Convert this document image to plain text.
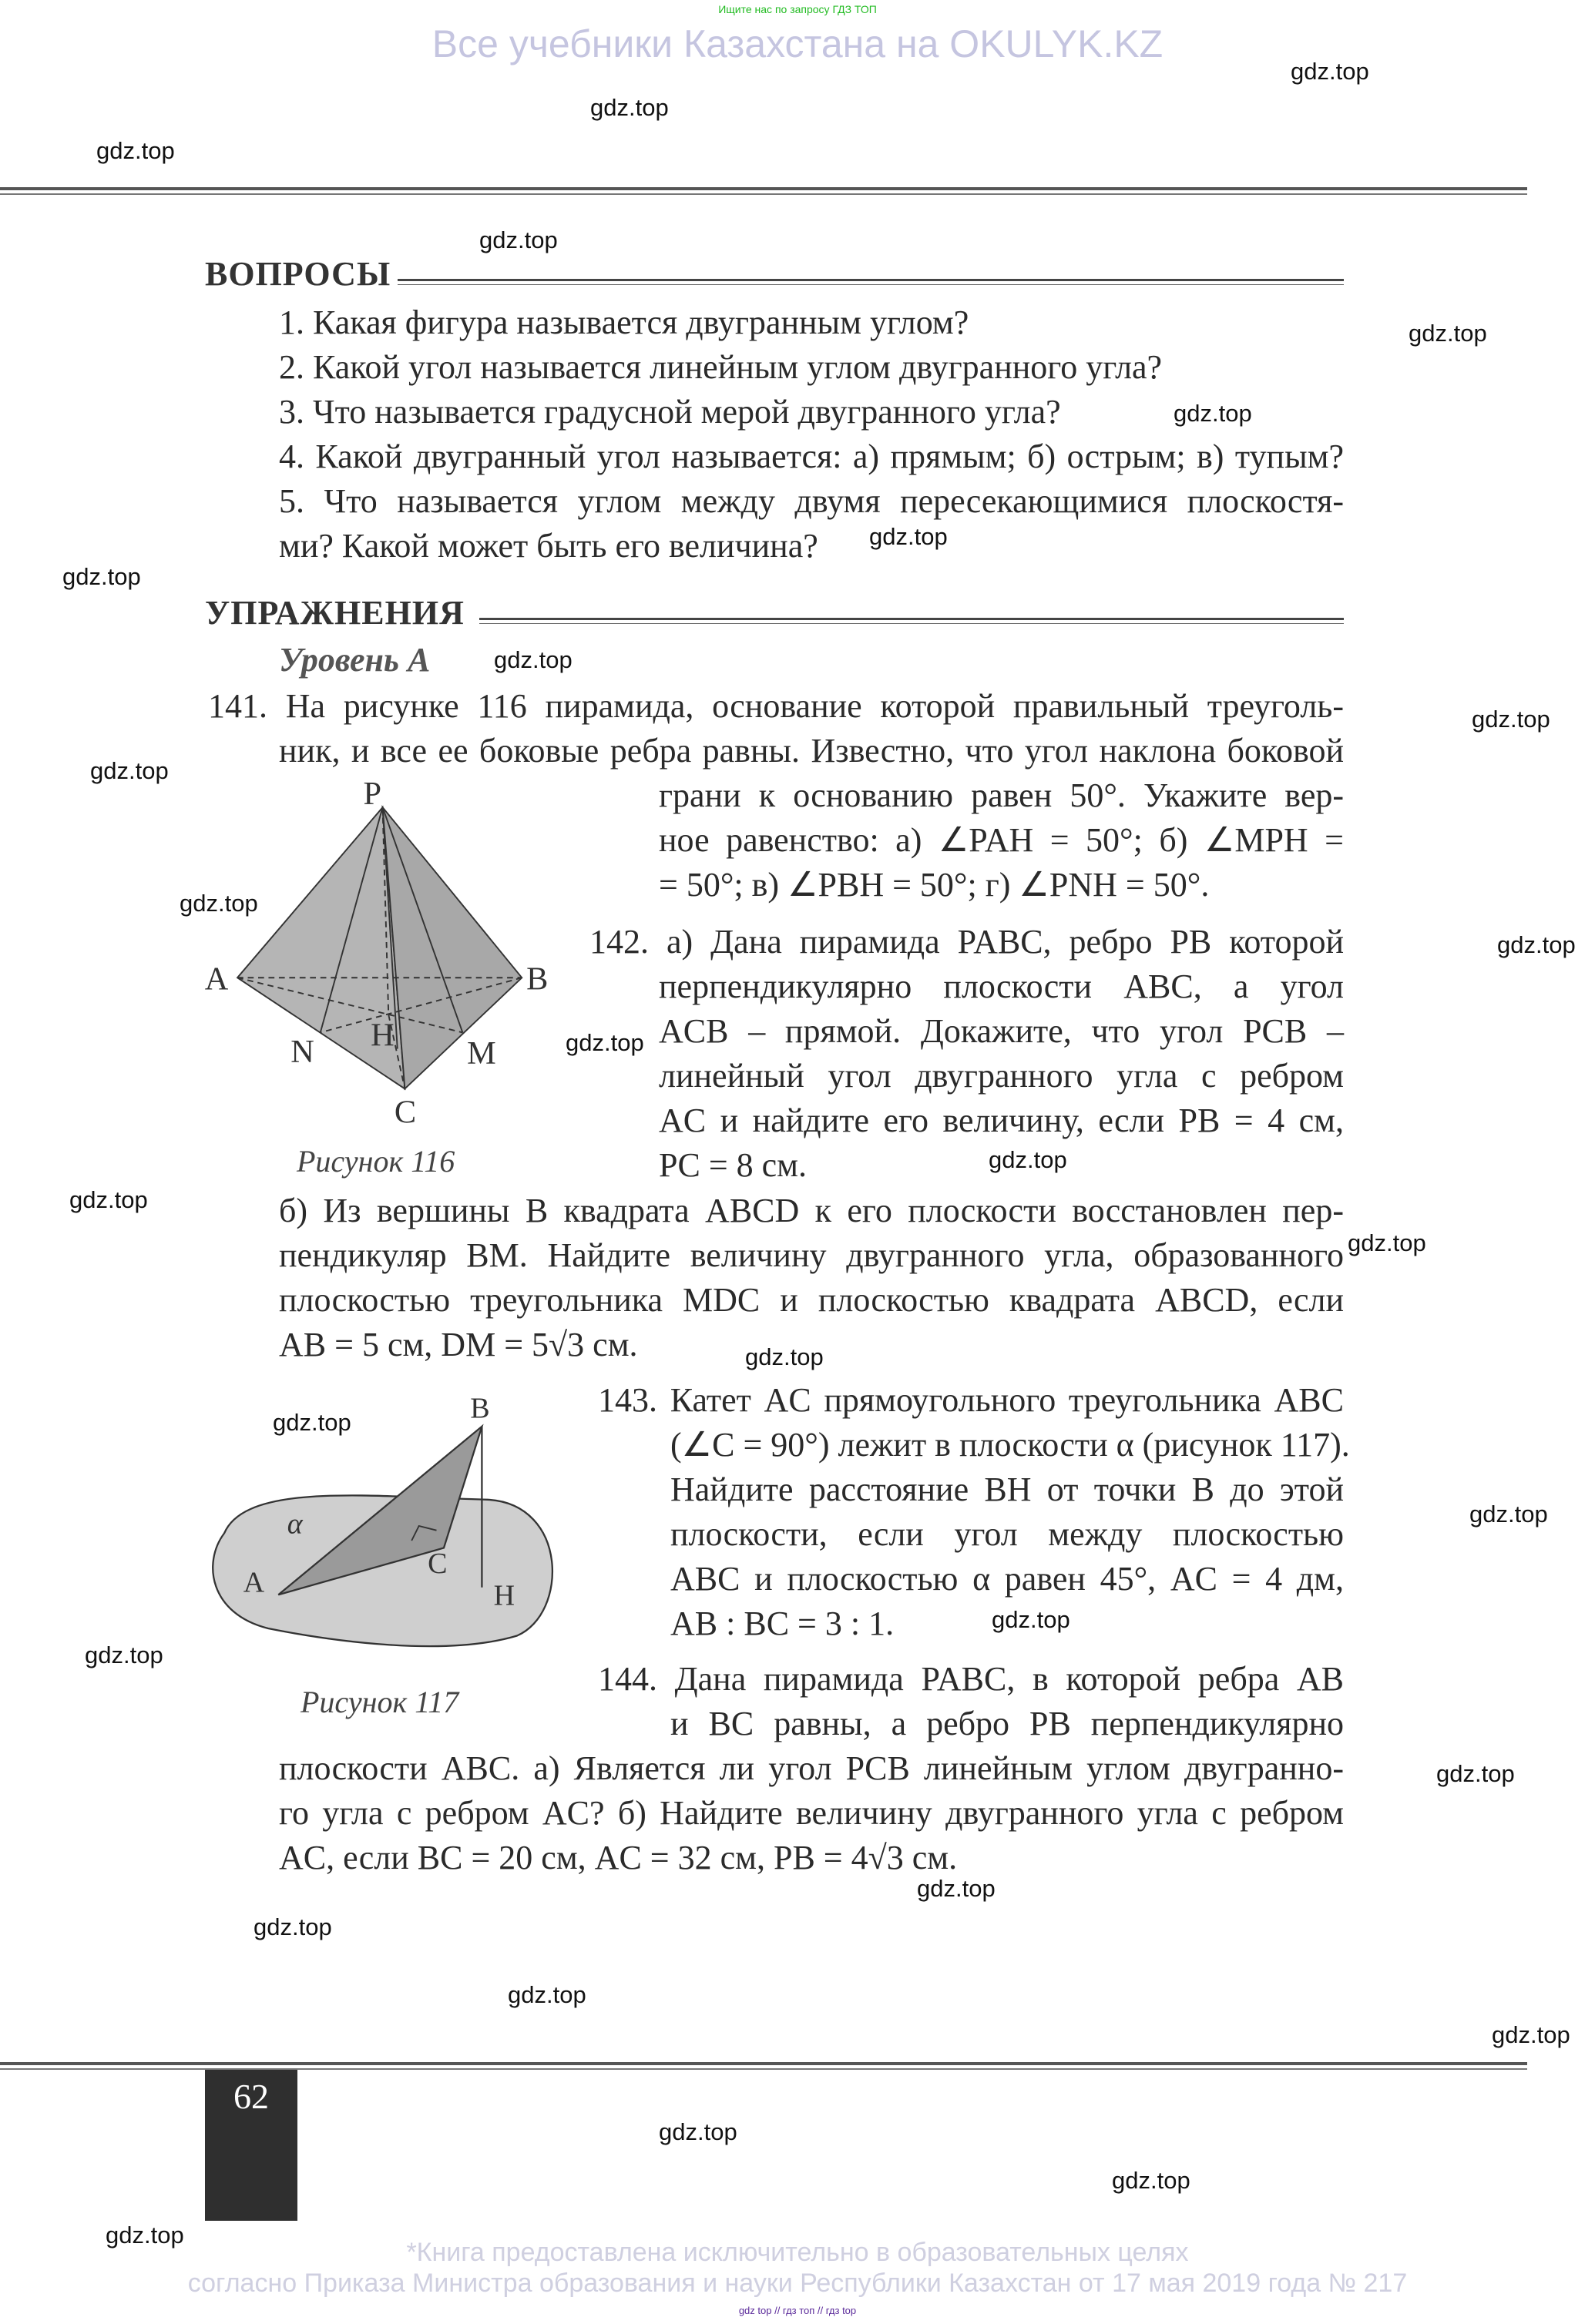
Ищите нас по запросу ГДЗ ТОП
Все учебники Казахстана на OKULYK.KZ
ВОПРОСЫ
1. Какая фигура называется двугранным углом?
2. Какой угол называется линейным углом двугранного угла?
3. Что называется градусной мерой двугранного угла?
4. Какой двугранный угол называется: а) прямым; б) острым; в) тупым?
5. Что называется углом между двумя пересекающимися плоскостя-
ми? Какой может быть его величина?
УПРАЖНЕНИЯ
Уровень А
141. На рисунке 116 пирамида, основание которой правильный треуголь-
ник, и все ее боковые ребра равны. Известно, что угол наклона боковой
грани к основанию равен 50°. Укажите вер-
ное равенство: а) ∠PAH = 50°; б) ∠MPH =
= 50°; в) ∠PBH = 50°; г) ∠PNH = 50°.
P
A	B
C
N	M
H
Рисунок 116
142. а) Дана пирамида PABC, ребро PB которой
перпендикулярно плоскости ABC, а угол
ACB – прямой. Докажите, что угол PCB –
линейный угол двугранного угла с ребром
AC и найдите его величину, если PB = 4 см,
PC = 8 см.
б) Из вершины B квадрата ABCD к его плоскости восстановлен пер-
пендикуляр BM. Найдите величину двугранного угла, образованного
плоскостью треугольника MDC и плоскостью квадрата ABCD, если
AB = 5 см, DM = 5√3 см.
B
A
C
H
α
Рисунок 117
143. Катет AC прямоугольного треугольника ABC
(∠C = 90°) лежит в плоскости α (рисунок 117).
Найдите расстояние BH от точки B до этой
плоскости, если угол между плоскостью
ABC и плоскостью α равен 45°, AC = 4 дм,
AB : BC = 3 : 1.
144. Дана пирамида PABC, в которой ребра AB
и BC равны, а ребро PB перпендикулярно
плоскости ABC. а) Является ли угол PCB линейным углом двугранно-
го угла с ребром AC? б) Найдите величину двугранного угла с ребром
AC, если BC = 20 см, AC = 32 см, PB = 4√3 см.
62
*Книга предоставлена исключительно в образовательных целях
согласно Приказа Министра образования и науки Республики Казахстан от 17 мая 2019 года № 217
gdz top // гдз топ // гдз top
gdz.top
gdz.top
gdz.top
gdz.top
gdz.top
gdz.top
gdz.top
gdz.top
gdz.top
gdz.top
gdz.top
gdz.top
gdz.top
gdz.top
gdz.top
gdz.top
gdz.top
gdz.top
gdz.top
gdz.top
gdz.top
gdz.top
gdz.top
gdz.top
gdz.top
gdz.top
gdz.top
gdz.top
gdz.top
gdz.top
